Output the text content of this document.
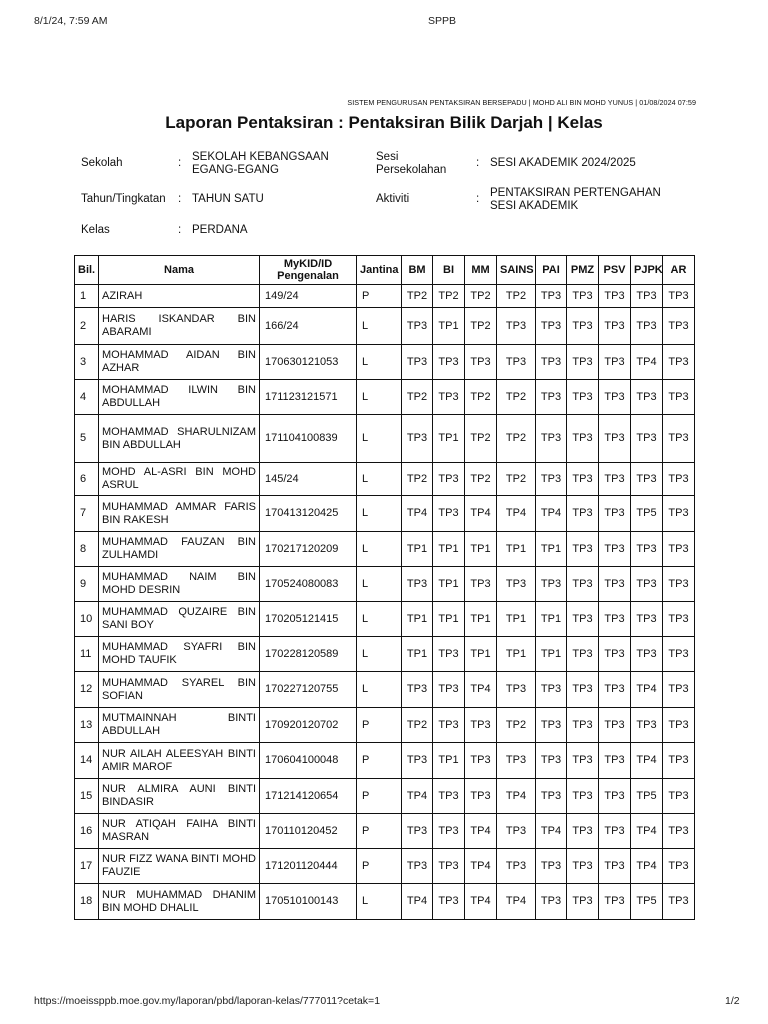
8/1/24, 7:59 AM	SPPB
SISTEM PENGURUSAN PENTAKSIRAN BERSEPADU | MOHD ALI BIN MOHD YUNUS | 01/08/2024 07:59
Laporan Pentaksiran : Pentaksiran Bilik Darjah | Kelas
Sekolah	: SEKOLAH KEBANGSAAN
EGANG-EGANG
Sesi
Persekolahan
: SESI AKADEMIK 2024/2025
Tahun/Tingkatan : TAHUN SATU	Aktiviti	: PENTAKSIRAN PERTENGAHAN
SESI AKADEMIK
Kelas	: PERDANA
Bil.	Nama	MyKID/ID
Pengenalan	Jantina	BM	BI	MM	SAINS	PAI	PMZ	PSV	PJPK	AR
1	AZIRAH	149/24	P	TP2	TP2	TP2	TP2	TP3	TP3	TP3	TP3	TP3
2	HARIS ISKANDAR BIN ABARAMI	166/24	L	TP3	TP1	TP2	TP3	TP3	TP3	TP3	TP3	TP3
3	MOHAMMAD AIDAN BIN AZHAR	170630121053	L	TP3	TP3	TP3	TP3	TP3	TP3	TP3	TP4	TP3
4	MOHAMMAD ILWIN BIN ABDULLAH	171123121571	L	TP2	TP3	TP2	TP2	TP3	TP3	TP3	TP3	TP3
5	MOHAMMAD SHARULNIZAM BIN ABDULLAH	171104100839	L	TP3	TP1	TP2	TP2	TP3	TP3	TP3	TP3	TP3
6	MOHD AL-ASRI BIN MOHD ASRUL	145/24	L	TP2	TP3	TP2	TP2	TP3	TP3	TP3	TP3	TP3
7	MUHAMMAD AMMAR FARIS BIN RAKESH	170413120425	L	TP4	TP3	TP4	TP4	TP4	TP3	TP3	TP5	TP3
8	MUHAMMAD FAUZAN BIN ZULHAMDI	170217120209	L	TP1	TP1	TP1	TP1	TP1	TP3	TP3	TP3	TP3
9	MUHAMMAD NAIM BIN MOHD DESRIN	170524080083	L	TP3	TP1	TP3	TP3	TP3	TP3	TP3	TP3	TP3
10	MUHAMMAD QUZAIRE BIN SANI BOY	170205121415	L	TP1	TP1	TP1	TP1	TP1	TP3	TP3	TP3	TP3
11	MUHAMMAD SYAFRI BIN MOHD TAUFIK	170228120589	L	TP1	TP3	TP1	TP1	TP1	TP3	TP3	TP3	TP3
12	MUHAMMAD SYAREL BIN SOFIAN	170227120755	L	TP3	TP3	TP4	TP3	TP3	TP3	TP3	TP4	TP3
13	MUTMAINNAH BINTI ABDULLAH	170920120702	P	TP2	TP3	TP3	TP2	TP3	TP3	TP3	TP3	TP3
14	NUR AILAH ALEESYAH BINTI AMIR MAROF	170604100048	P	TP3	TP1	TP3	TP3	TP3	TP3	TP3	TP4	TP3
15	NUR ALMIRA AUNI BINTI BINDASIR	171214120654	P	TP4	TP3	TP3	TP4	TP3	TP3	TP3	TP5	TP3
16	NUR ATIQAH FAIHA BINTI MASRAN	170110120452	P	TP3	TP3	TP4	TP3	TP4	TP3	TP3	TP4	TP3
17	NUR FIZZ WANA BINTI MOHD FAUZIE	171201120444	P	TP3	TP3	TP4	TP3	TP3	TP3	TP3	TP4	TP3
18	NUR MUHAMMAD DHANIM BIN MOHD DHALIL	170510100143	L	TP4	TP3	TP4	TP4	TP3	TP3	TP3	TP5	TP3
https://moeissppb.moe.gov.my/laporan/pbd/laporan-kelas/777011?cetak=1	1/2
